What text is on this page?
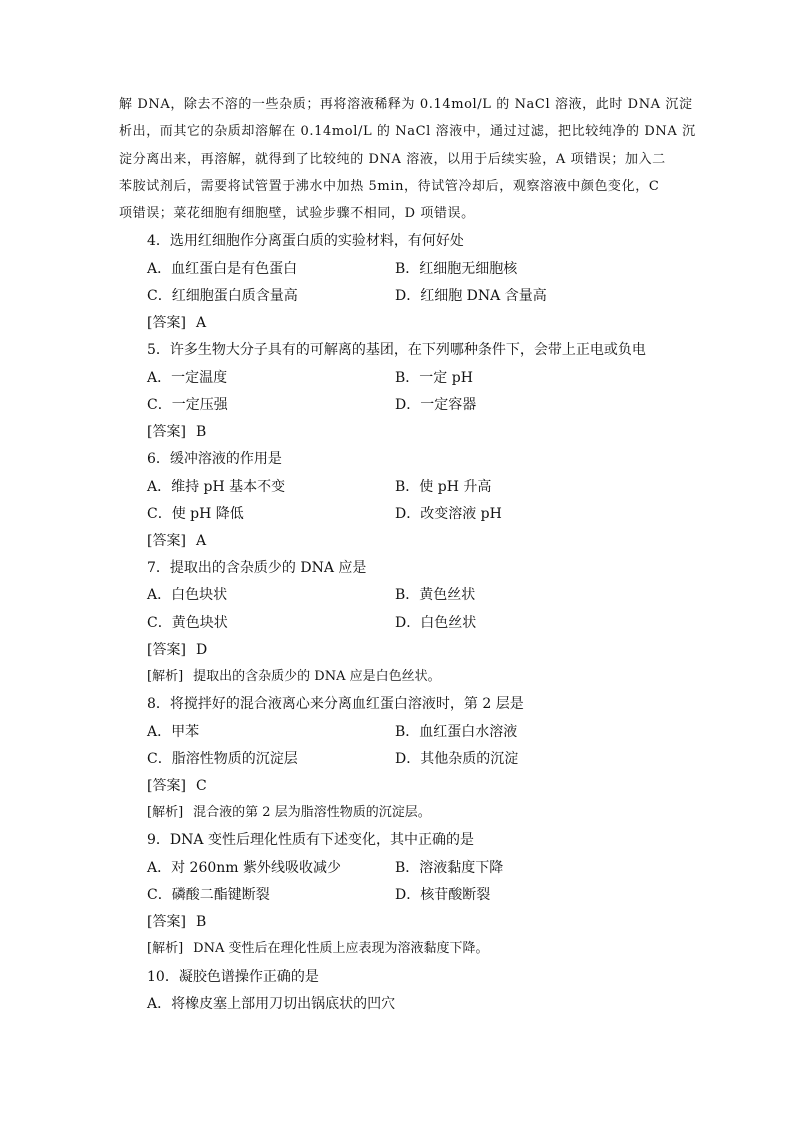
解 DNA，除去不溶的一些杂质；再将溶液稀释为 0.14mol/L 的 NaCl 溶液，此时 DNA 沉淀
析出，而其它的杂质却溶解在 0.14mol/L 的 NaCl 溶液中，通过过滤，把比较纯净的 DNA 沉
淀分离出来，再溶解，就得到了比较纯的 DNA 溶液，以用于后续实验，A 项错误；加入二
苯胺试剂后，需要将试管置于沸水中加热 5min，待试管冷却后，观察溶液中颜色变化，C
项错误；菜花细胞有细胞壁，试验步骤不相同，D 项错误。
4．选用红细胞作分离蛋白质的实验材料，有何好处
A．血红蛋白是有色蛋白	B．红细胞无细胞核
C．红细胞蛋白质含量高	D．红细胞 DNA 含量高
[答案] A
5．许多生物大分子具有的可解离的基团，在下列哪种条件下，会带上正电或负电
A．一定温度	B．一定 pH
C．一定压强	D．一定容器
[答案] B
6．缓冲溶液的作用是
A．维持 pH 基本不变	B．使 pH 升高
C．使 pH 降低	D．改变溶液 pH
[答案] A
7．提取出的含杂质少的 DNA 应是
A．白色块状	B．黄色丝状
C．黄色块状	D．白色丝状
[答案] D
[解析] 提取出的含杂质少的 DNA 应是白色丝状。
8．将搅拌好的混合液离心来分离血红蛋白溶液时，第 2 层是
A．甲苯	B．血红蛋白水溶液
C．脂溶性物质的沉淀层	D．其他杂质的沉淀
[答案] C
[解析] 混合液的第 2 层为脂溶性物质的沉淀层。
9．DNA 变性后理化性质有下述变化，其中正确的是
A．对 260nm 紫外线吸收减少	B．溶液黏度下降
C．磷酸二酯键断裂	D．核苷酸断裂
[答案] B
[解析] DNA 变性后在理化性质上应表现为溶液黏度下降。
10．凝胶色谱操作正确的是
A．将橡皮塞上部用刀切出锅底状的凹穴
